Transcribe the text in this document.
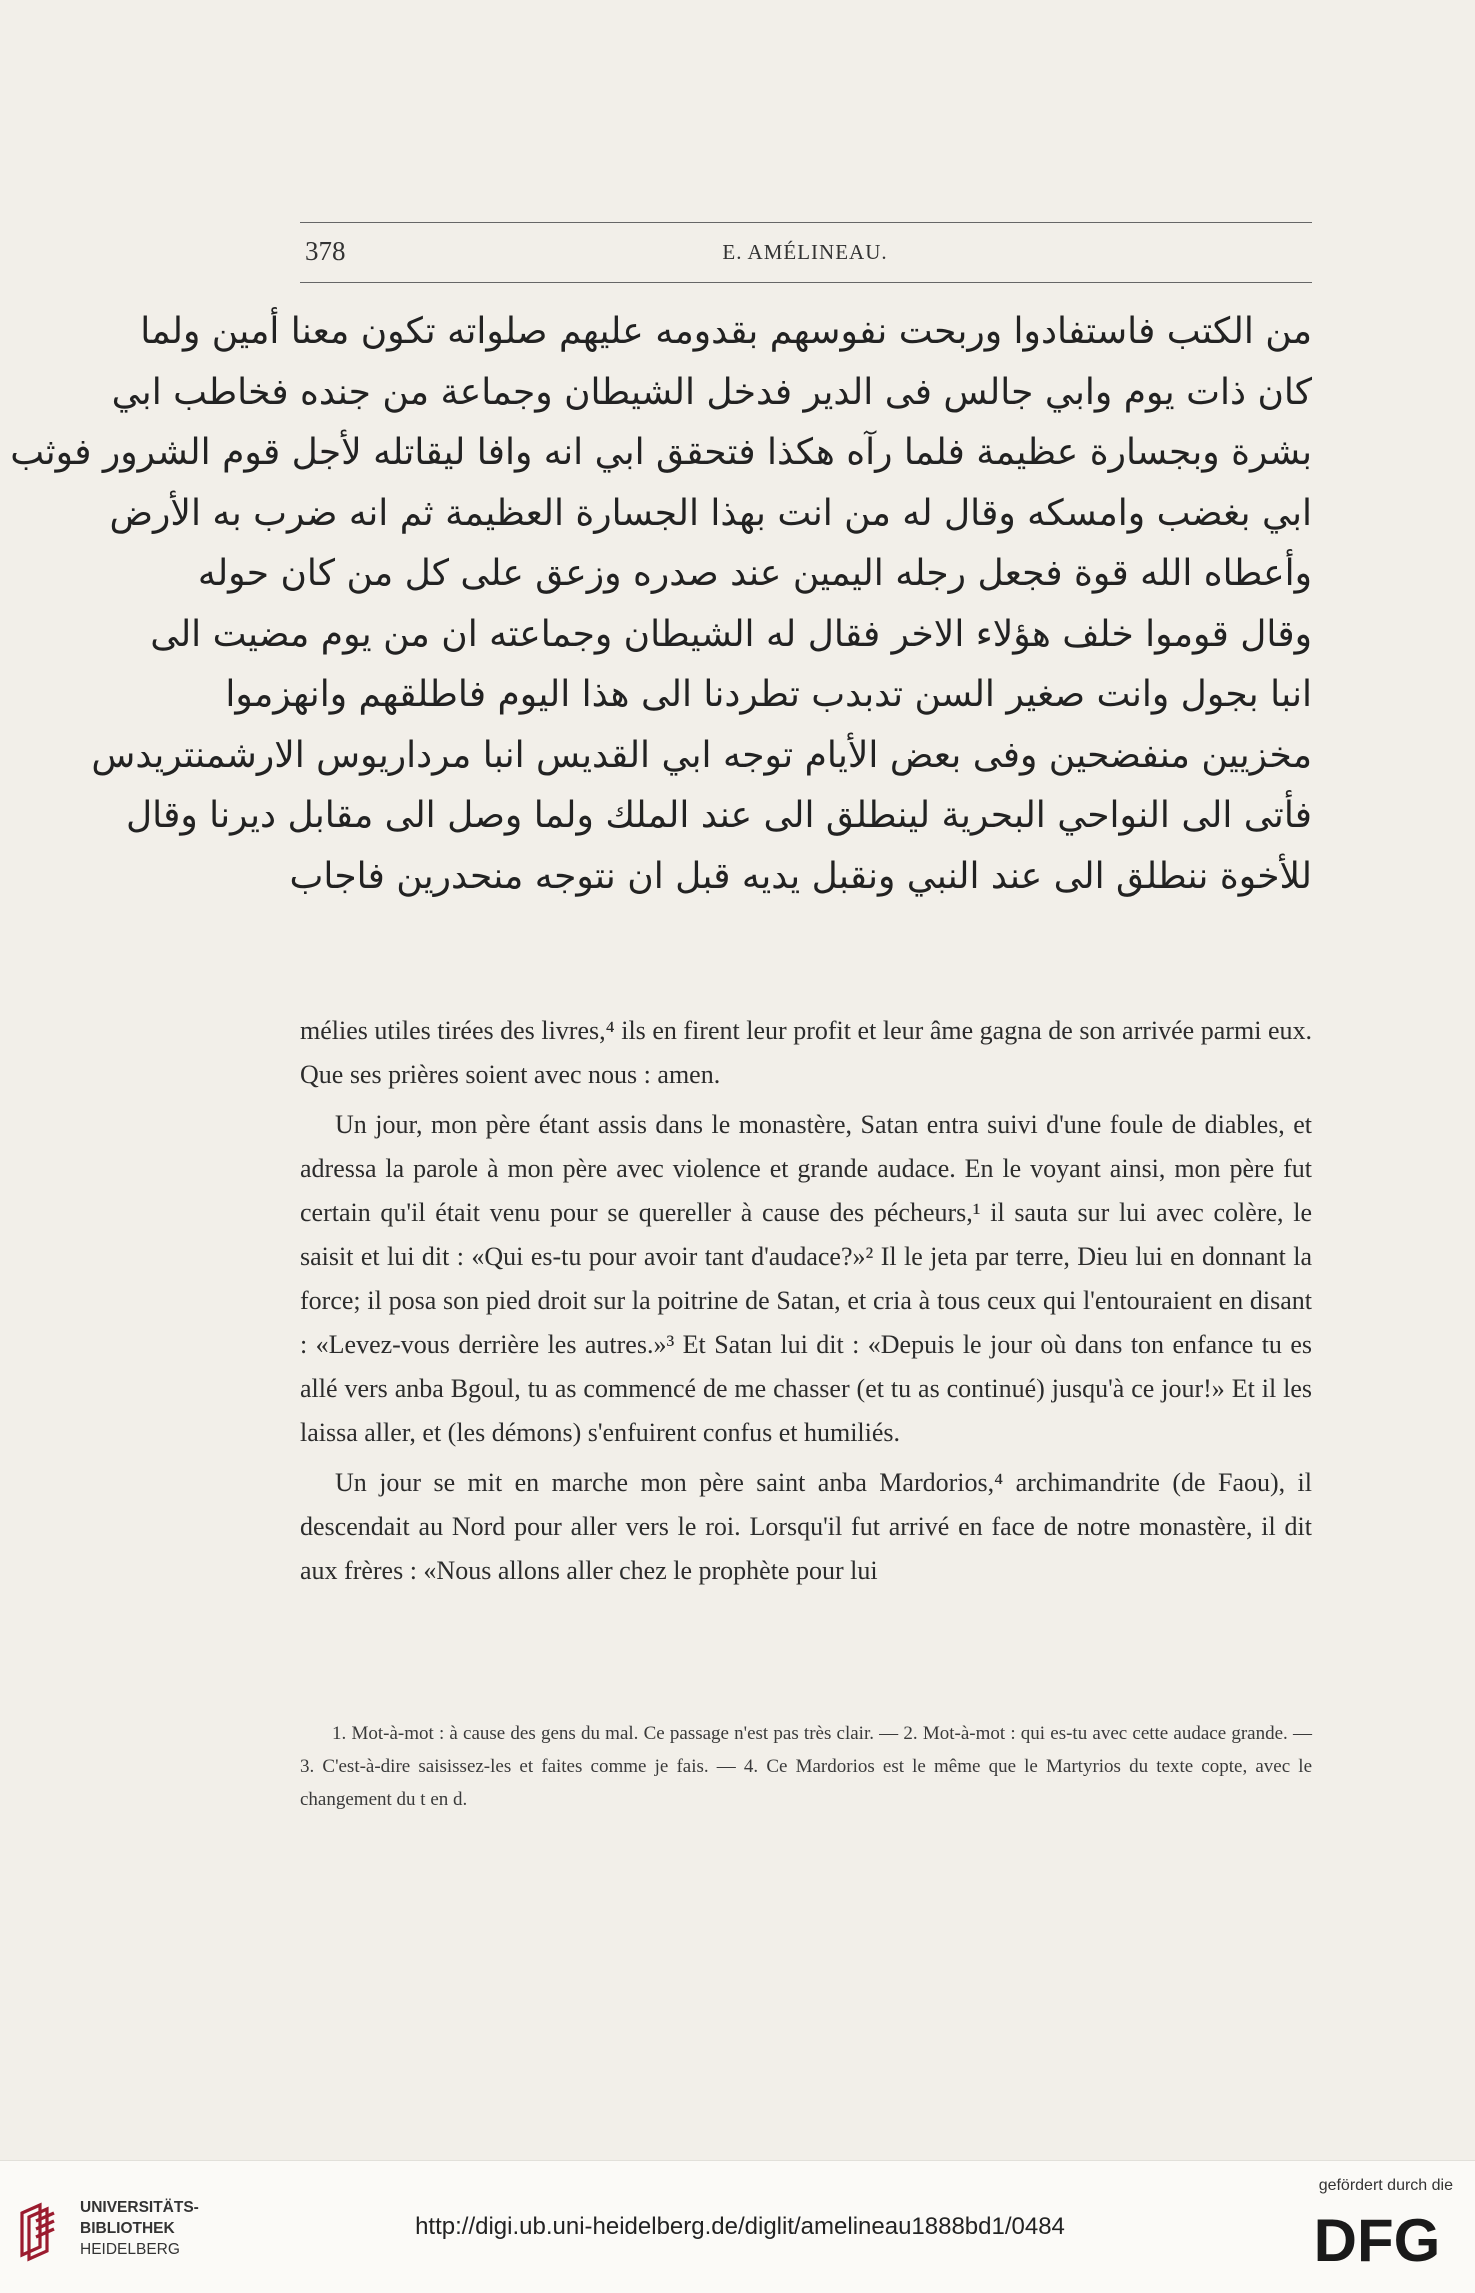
378	E. AMÉLINEAU.
من الكتب فاستفادوا وربحت نفوسهم بقدومه عليهم صلواته تكون معنا أمين ولما
كان ذات يوم وابي جالس فى الدير فدخل الشيطان وجماعة من جنده فخاطب ابي
بشرة وبجسارة عظيمة فلما رآه هكذا فتحقق ابي انه وافا ليقاتله لأجل قوم الشرور فوثب
ابي بغضب وامسكه وقال له من انت بهذا الجسارة العظيمة ثم انه ضرب به الأرض
وأعطاه الله قوة فجعل رجله اليمين عند صدره وزعق على كل من كان حوله
وقال قوموا خلف هؤلاء الاخر فقال له الشيطان وجماعته ان من يوم مضيت الى
انبا بجول وانت صغير السن تدبدب تطردنا الى هذا اليوم فاطلقهم وانهزموا
مخزيين منفضحين وفى بعض الأيام توجه ابي القديس انبا مرداريوس الارشمنتريدس
فأتى الى النواحي البحرية لينطلق الى عند الملك ولما وصل الى مقابل ديرنا وقال
للأخوة ننطلق الى عند النبي ونقبل يديه قبل ان نتوجه منحدرين فاجاب

mélies utiles tirées des livres,⁴ ils en firent leur profit et leur âme gagna de son arrivée parmi eux. Que ses prières soient avec nous : amen.

Un jour, mon père étant assis dans le monastère, Satan entra suivi d'une foule de diables, et adressa la parole à mon père avec violence et grande audace. En le voyant ainsi, mon père fut certain qu'il était venu pour se quereller à cause des pécheurs,¹ il sauta sur lui avec colère, le saisit et lui dit : «Qui es-tu pour avoir tant d'audace?»² Il le jeta par terre, Dieu lui en donnant la force; il posa son pied droit sur la poitrine de Satan, et cria à tous ceux qui l'entouraient en disant : «Levez-vous derrière les autres.»³ Et Satan lui dit : «Depuis le jour où dans ton enfance tu es allé vers anba Bgoul, tu as commencé de me chasser (et tu as continué) jusqu'à ce jour!» Et il les laissa aller, et (les démons) s'enfuirent confus et humiliés.

Un jour se mit en marche mon père saint anba Mardorios,⁴ archimandrite (de Faou), il descendait au Nord pour aller vers le roi. Lorsqu'il fut arrivé en face de notre monastère, il dit aux frères : «Nous allons aller chez le prophète pour lui

1. Mot-à-mot : à cause des gens du mal. Ce passage n'est pas très clair. — 2. Mot-à-mot : qui es-tu avec cette audace grande. — 3. C'est-à-dire saisissez-les et faites comme je fais. — 4. Ce Mardorios est le même que le Martyrios du texte copte, avec le changement du t en d.
UNIVERSITÄTS-
BIBLIOTHEK
HEIDELBERG
http://digi.ub.uni-heidelberg.de/diglit/amelineau1888bd1/0484
gefördert durch die
DFG
